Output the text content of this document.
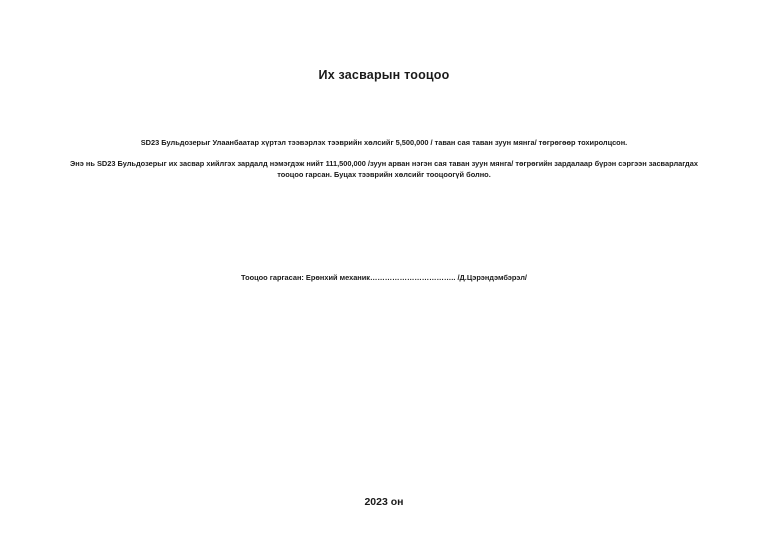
Их засварын тооцоо

SD23 Бульдозерыг Улаанбаатар хүртэл тээвэрлэх тээврийн хөлсийг 5,500,000 / таван сая таван зуун мянга/ төгрөгөөр тохиролцсон.

Энэ нь SD23 Бульдозерыг их засвар хийлгэх зардалд нэмэгдэж нийт 111,500,000 /зуун арван нэгэн сая таван зуун мянга/ төгрөгийн зардалаар бүрэн сэргээн засварлагдах тооцоо гарсан. Буцах тээврийн хөлсийг тооцоогүй болно.

Тооцоо гаргасан: Ерөнхий механик…………………………….. /Д.Цэрэндэмбэрэл/
2023 он
